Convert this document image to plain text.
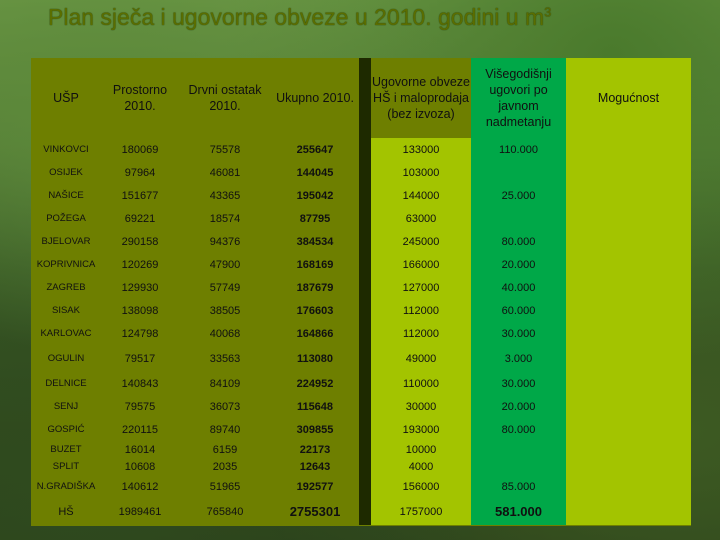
Plan sječa i ugovorne obveze u 2010. godini u $m^3$
UŠP	Prostorno 2010.	Drvni ostatak 2010.	Ukupno 2010.		Ugovorne obveze HŠ i maloprodaja (bez izvoza)	Višegodišnji ugovori po javnom nadmetanju	Mogućnost
VINKOVCI	180069	75578	255647		133000	110.000	
OSIJEK	97964	46081	144045		103000		
NAŠICE	151677	43365	195042		144000	25.000	
POŽEGA	69221	18574	87795		63000		
BJELOVAR	290158	94376	384534		245000	80.000	
KOPRIVNICA	120269	47900	168169		166000	20.000	
ZAGREB	129930	57749	187679		127000	40.000	
SISAK	138098	38505	176603		112000	60.000	
KARLOVAC	124798	40068	164866		112000	30.000	
OGULIN	79517	33563	113080		49000	3.000	
DELNICE	140843	84109	224952		110000	30.000	
SENJ	79575	36073	115648		30000	20.000	
GOSPIĆ	220115	89740	309855		193000	80.000	
BUZET	16014	6159	22173		10000		
SPLIT	10608	2035	12643		4000		
N.GRADIŠKA	140612	51965	192577		156000	85.000	
HŠ	1989461	765840	2755301		1757000	581.000	
